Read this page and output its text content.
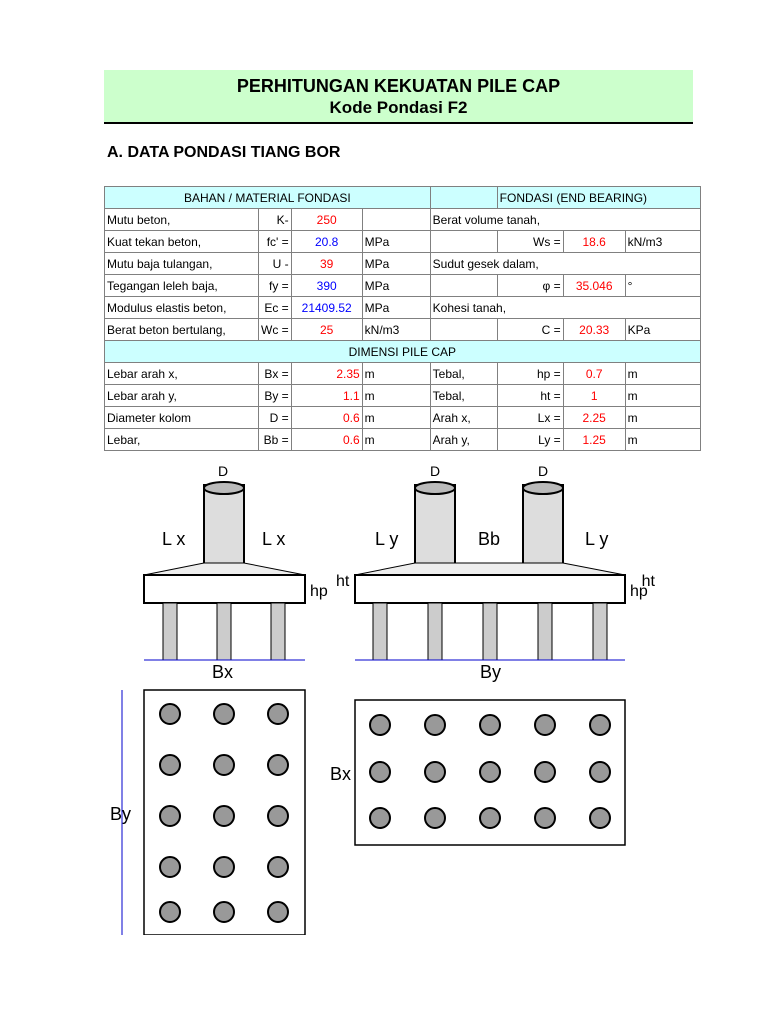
PERHITUNGAN KEKUATAN PILE CAP
Kode Pondasi F2
A. DATA PONDASI TIANG BOR
BAHAN / MATERIAL FONDASI					FONDASI (END BEARING)		
Mutu beton,	K-	250		Berat volume tanah,			
Kuat tekan beton,	fc' =	20.8	MPa		Ws =	18.6	kN/m3
Mutu baja tulangan,	U -	39	MPa	Sudut gesek dalam,			
Tegangan leleh baja,	fy =	390	MPa		φ =	35.046	°
Modulus elastis beton,	Ec =	21409.52	MPa	Kohesi tanah,			
Berat beton bertulang,	Wc =	25	kN/m3		C =	20.33	KPa
DIMENSI PILE CAP							
Lebar arah x,	Bx =	2.35	m	Tebal,	hp =	0.7	m
Lebar arah y,	By =	1.1	m	Tebal,	ht =	1	m
Diameter kolom	D =	0.6	m	Arah x,	Lx =	2.25	m
Lebar,	Bb =	0.6	m	Arah y,	Ly =	1.25	m
D
L x	L x
Bx
hp
ht
D	D
L y	Bb	L y
By
hp
ht
By
Bx
